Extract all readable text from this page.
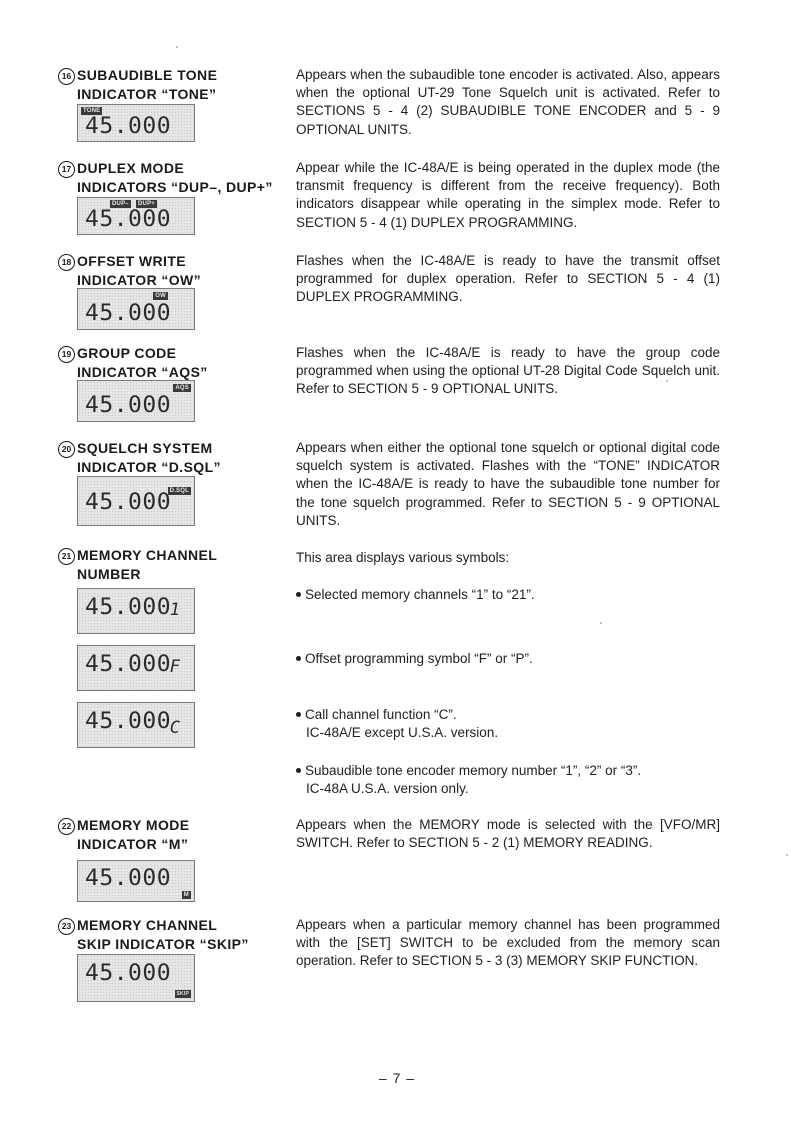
16 SUBAUDIBLE TONE
INDICATOR “TONE”
TONE
45.000
Appears when the subaudible tone encoder is activated. Also, appears when the optional UT-29 Tone Squelch unit is activated. Refer to SECTIONS 5 - 4 (2) SUBAUDIBLE TONE ENCODER and 5 - 9 OPTIONAL UNITS.
17 DUPLEX MODE
INDICATORS “DUP–, DUP+”
DUP–	DUP+
45.000
Appear while the IC-48A/E is being operated in the duplex mode (the transmit frequency is different from the receive frequency). Both indicators disappear while operating in the simplex mode. Refer to SECTION 5 - 4 (1) DUPLEX PROGRAMMING.
18 OFFSET WRITE
INDICATOR “OW”
OW
45.000
Flashes when the IC-48A/E is ready to have the transmit offset programmed for duplex operation. Refer to SECTION 5 - 4 (1) DUPLEX PROGRAMMING.
19 GROUP CODE
INDICATOR “AQS”
AQS
45.000
Flashes when the IC-48A/E is ready to have the group code programmed when using the optional UT-28 Digital Code Squelch unit. Refer to SECTION 5 - 9 OPTIONAL UNITS.
20 SQUELCH SYSTEM
INDICATOR “D.SQL”
D.SQL
45.000
Appears when either the optional tone squelch or optional digital code squelch system is activated. Flashes with the “TONE” INDICATOR when the IC-48A/E is ready to have the subaudible tone number for the tone squelch programmed. Refer to SECTION 5 - 9 OPTIONAL UNITS.
21 MEMORY CHANNEL
NUMBER
This area displays various symbols:
45.000
1
Selected memory channels “1” to “21”.
45.000
F	Offset programming symbol “F” or “P”.
45.000
C
Call channel function “C”.
IC-48A/E except U.S.A. version.
Subaudible tone encoder memory number “1”, “2” or “3”.
IC-48A U.S.A. version only.
22 MEMORY MODE
INDICATOR “M”
45.000
M
Appears when the MEMORY mode is selected with the [VFO/MR] SWITCH. Refer to SECTION 5 - 2 (1) MEMORY READING.
23 MEMORY CHANNEL
SKIP INDICATOR “SKIP”
45.000
SKIP
Appears when a particular memory channel has been programmed with the [SET] SWITCH to be excluded from the memory scan operation. Refer to SECTION 5 - 3 (3) MEMORY SKIP FUNCTION.
– 7 –
